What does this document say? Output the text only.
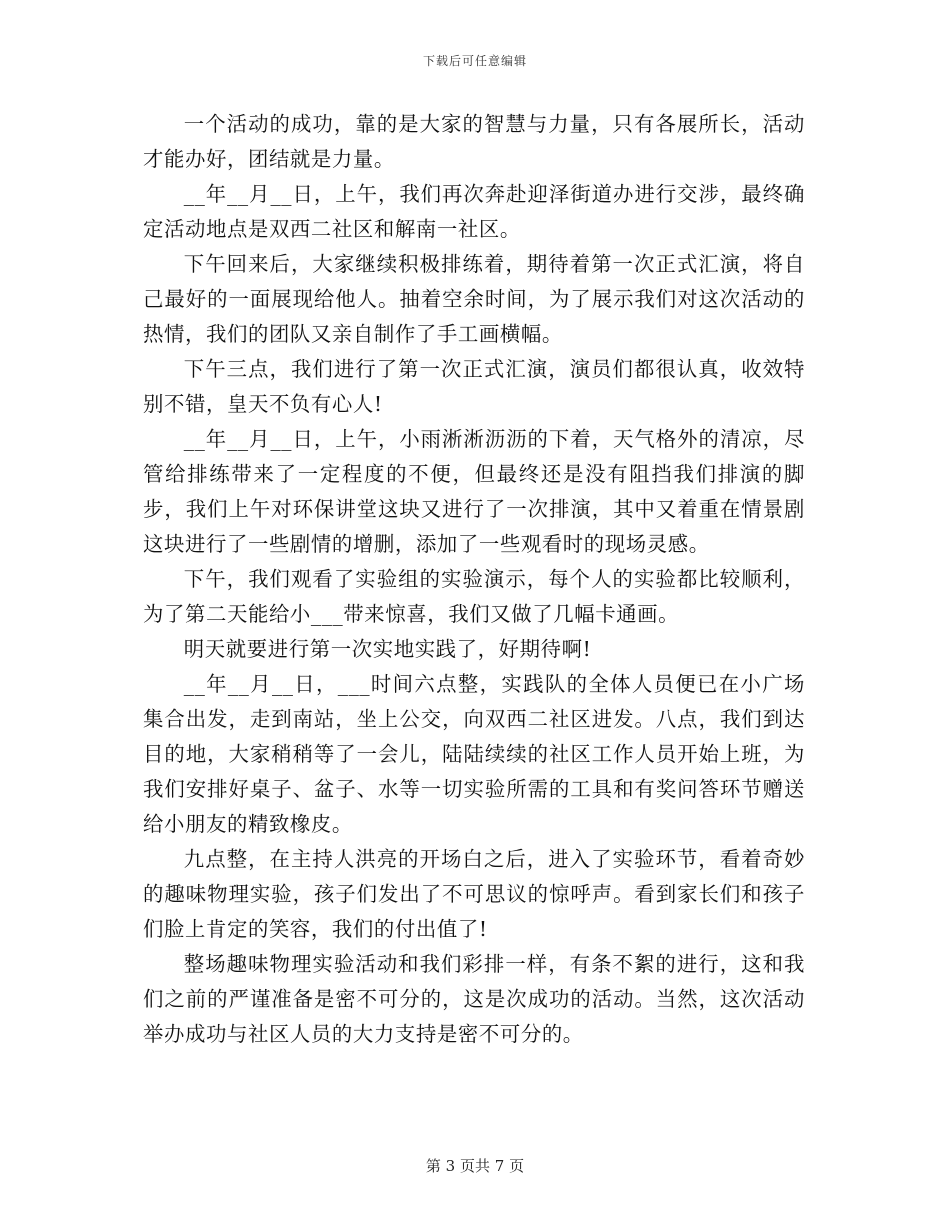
下载后可任意编辑

一个活动的成功，靠的是大家的智慧与力量，只有各展所长，活动才能办好，团结就是力量。

__年__月__日，上午，我们再次奔赴迎泽街道办进行交涉，最终确定活动地点是双西二社区和解南一社区。

下午回来后，大家继续积极排练着，期待着第一次正式汇演，将自己最好的一面展现给他人。抽着空余时间，为了展示我们对这次活动的热情，我们的团队又亲自制作了手工画横幅。

下午三点，我们进行了第一次正式汇演，演员们都很认真，收效特别不错，皇天不负有心人!

__年__月__日，上午，小雨淅淅沥沥的下着，天气格外的清凉，尽管给排练带来了一定程度的不便，但最终还是没有阻挡我们排演的脚步，我们上午对环保讲堂这块又进行了一次排演，其中又着重在情景剧这块进行了一些剧情的增删，添加了一些观看时的现场灵感。

下午，我们观看了实验组的实验演示，每个人的实验都比较顺利，为了第二天能给小___带来惊喜，我们又做了几幅卡通画。

明天就要进行第一次实地实践了，好期待啊!

__年__月__日，___时间六点整，实践队的全体人员便已在小广场集合出发，走到南站，坐上公交，向双西二社区进发。八点，我们到达目的地，大家稍稍等了一会儿，陆陆续续的社区工作人员开始上班，为我们安排好桌子、盆子、水等一切实验所需的工具和有奖问答环节赠送给小朋友的精致橡皮。

九点整，在主持人洪亮的开场白之后，进入了实验环节，看着奇妙的趣味物理实验，孩子们发出了不可思议的惊呼声。看到家长们和孩子们脸上肯定的笑容，我们的付出值了!

整场趣味物理实验活动和我们彩排一样，有条不絮的进行，这和我们之前的严谨准备是密不可分的，这是次成功的活动。当然，这次活动举办成功与社区人员的大力支持是密不可分的。

第 3 页共 7 页
